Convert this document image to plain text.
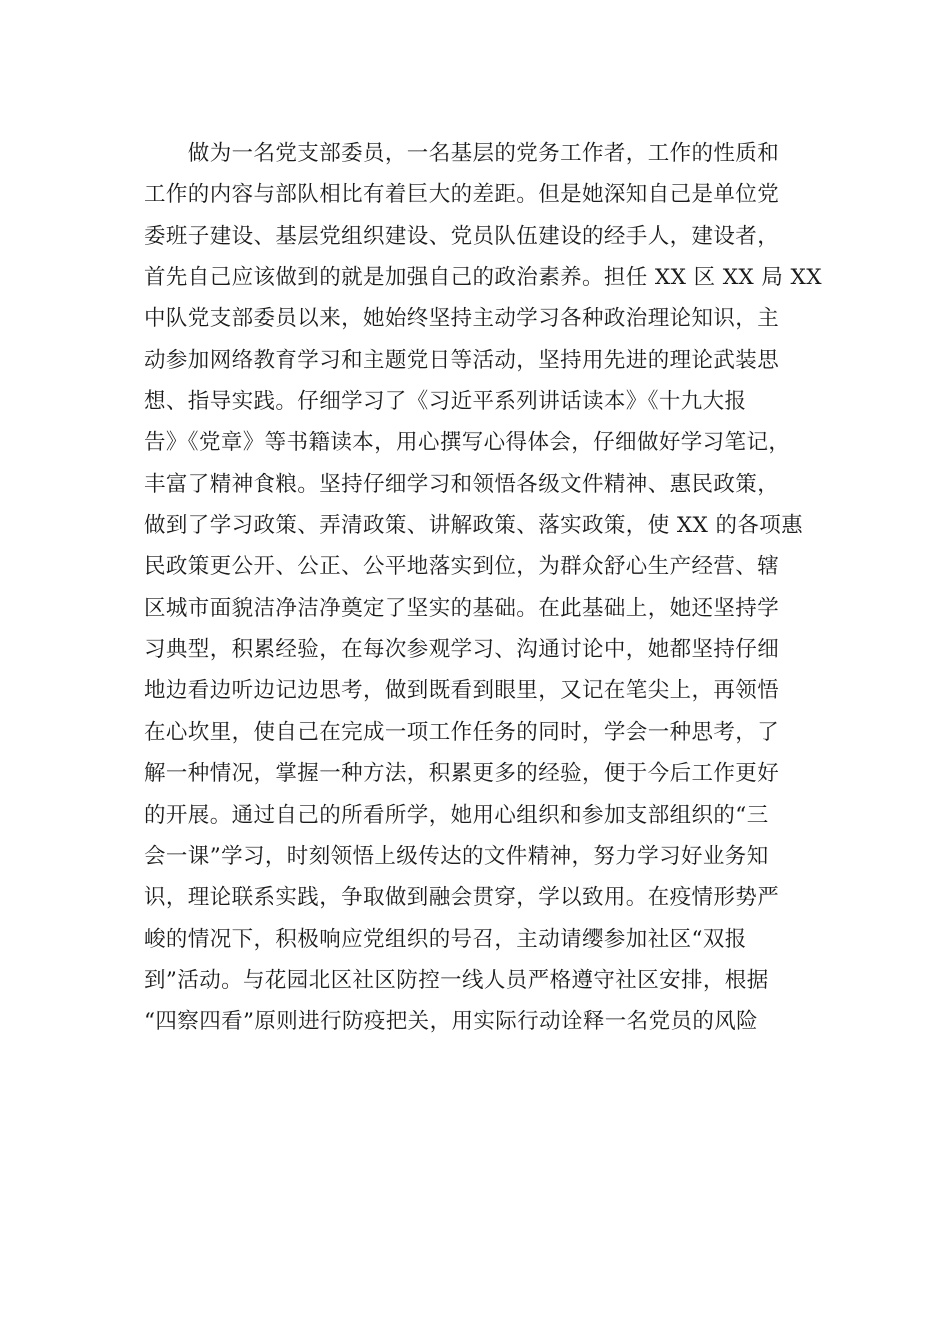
　　做为一名党支部委员，一名基层的党务工作者，工作的性质和
工作的内容与部队相比有着巨大的差距。但是她深知自己是单位党
委班子建设、基层党组织建设、党员队伍建设的经手人，建设者，
首先自己应该做到的就是加强自己的政治素养。担任 XX 区 XX 局 XX
中队党支部委员以来，她始终坚持主动学习各种政治理论知识，主
动参加网络教育学习和主题党日等活动，坚持用先进的理论武装思
想、指导实践。仔细学习了《习近平系列讲话读本》《十九大报
告》《党章》等书籍读本，用心撰写心得体会，仔细做好学习笔记，
丰富了精神食粮。坚持仔细学习和领悟各级文件精神、惠民政策，
做到了学习政策、弄清政策、讲解政策、落实政策，使 XX 的各项惠
民政策更公开、公正、公平地落实到位，为群众舒心生产经营、辖
区城市面貌洁净洁净奠定了坚实的基础。在此基础上，她还坚持学
习典型，积累经验，在每次参观学习、沟通讨论中，她都坚持仔细
地边看边听边记边思考，做到既看到眼里，又记在笔尖上，再领悟
在心坎里，使自己在完成一项工作任务的同时，学会一种思考，了
解一种情况，掌握一种方法，积累更多的经验，便于今后工作更好
的开展。通过自己的所看所学，她用心组织和参加支部组织的“三
会一课”学习，时刻领悟上级传达的文件精神，努力学习好业务知
识，理论联系实践，争取做到融会贯穿，学以致用。在疫情形势严
峻的情况下，积极响应党组织的号召，主动请缨参加社区“双报
到”活动。与花园北区社区防控一线人员严格遵守社区安排，根据
“四察四看”原则进行防疫把关，用实际行动诠释一名党员的风险
